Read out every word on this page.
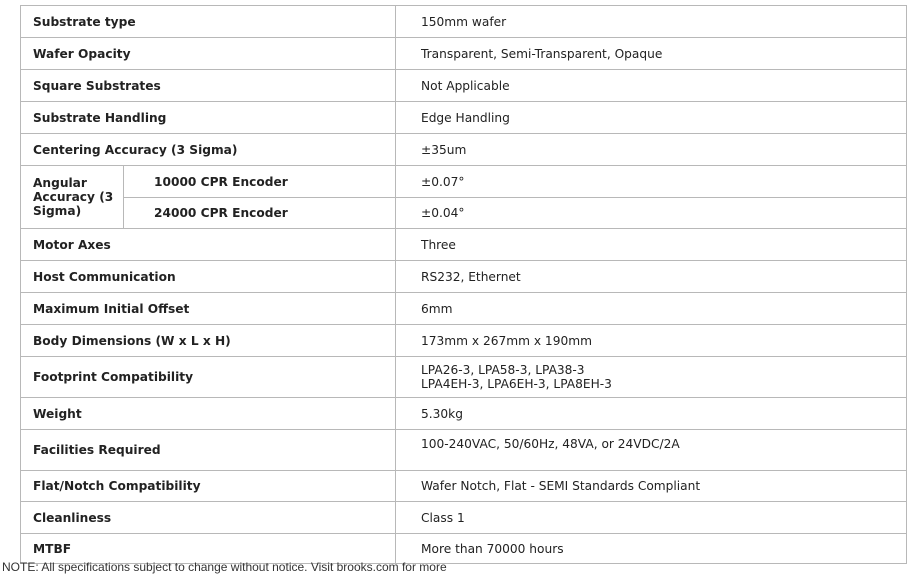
Substrate type		150mm wafer
Wafer Opacity		Transparent, Semi-Transparent, Opaque
Square Substrates		Not Applicable
Substrate Handling		Edge Handling
Centering Accuracy (3 Sigma)		±35um
Angular Accuracy (3 Sigma)	10000 CPR Encoder	±0.07°
	24000 CPR Encoder	±0.04°
Motor Axes		Three
Host Communication		RS232, Ethernet
Maximum Initial Offset		6mm
Body Dimensions (W x L x H)		173mm x 267mm x 190mm
Footprint Compatibility		LPA26-3, LPA58-3, LPA38-3
LPA4EH-3, LPA6EH-3, LPA8EH-3

Weight		5.30kg
Facilities Required		100-240VAC, 50/60Hz, 48VA, or 24VDC/2A
Flat/Notch Compatibility		Wafer Notch, Flat - SEMI Standards Compliant
Cleanliness		Class 1
MTBF		More than 70000 hours
NOTE: All specifications subject to change without notice. Visit brooks.com for more
